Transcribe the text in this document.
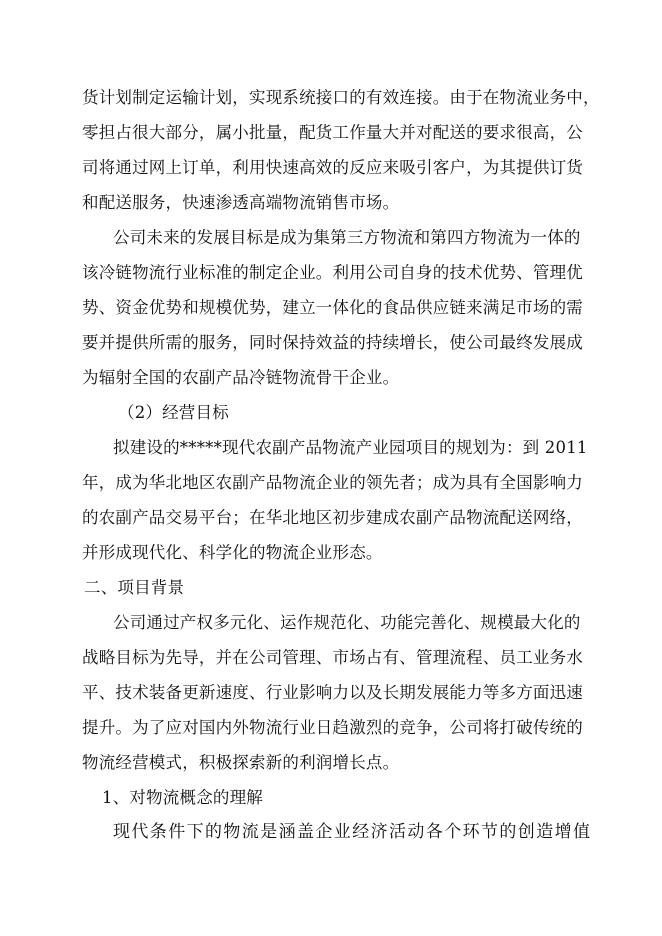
货计划制定运输计划，实现系统接口的有效连接。由于在物流业务中，
零担占很大部分，属小批量，配货工作量大并对配送的要求很高，公
司将通过网上订单，利用快速高效的反应来吸引客户，为其提供订货
和配送服务，快速渗透高端物流销售市场。
公司未来的发展目标是成为集第三方物流和第四方物流为一体的
该冷链物流行业标准的制定企业。利用公司自身的技术优势、管理优
势、资金优势和规模优势，建立一体化的食品供应链来满足市场的需
要并提供所需的服务，同时保持效益的持续增长，使公司最终发展成
为辐射全国的农副产品冷链物流骨干企业。
（2）经营目标
拟建设的*****现代农副产品物流产业园项目的规划为：到 2011
年，成为华北地区农副产品物流企业的领先者；成为具有全国影响力
的农副产品交易平台；在华北地区初步建成农副产品物流配送网络，
并形成现代化、科学化的物流企业形态。
二、项目背景
公司通过产权多元化、运作规范化、功能完善化、规模最大化的
战略目标为先导，并在公司管理、市场占有、管理流程、员工业务水
平、技术装备更新速度、行业影响力以及长期发展能力等多方面迅速
提升。为了应对国内外物流行业日趋激烈的竞争，公司将打破传统的
物流经营模式，积极探索新的利润增长点。
1、对物流概念的理解
现代条件下的物流是涵盖企业经济活动各个环节的创造增值
